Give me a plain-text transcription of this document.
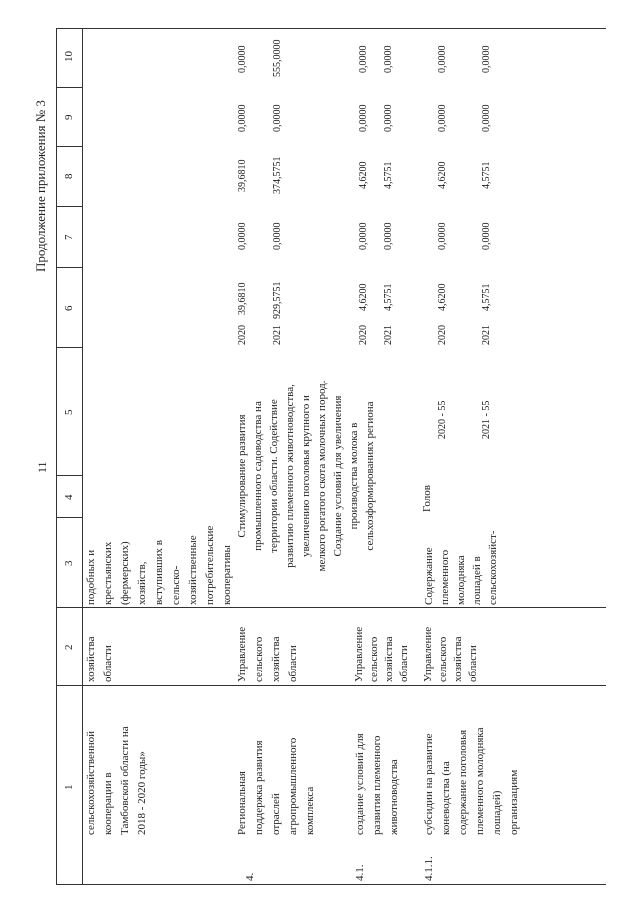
11
Продолжение приложения № 3
1
2
3
4
5
6
7
8
9
10
сельскохозяйственной кооперации в Тамбовской области на 2018 - 2020 годы»
хозяйства области
подобных и крестьянских (фермерских) хозяйств, вступивших в сельско- хозяйственные потребительские кооперативы
4.
Региональная поддержка развития отраслей агропромышленного комплекса
Управление сельского хозяйства области
Стимулирование развития промышленного садоводства на территории области. Содействие развитию племенного животноводства, увеличению поголовья крупного и мелкого рогатого скота молочных пород. Создание условий для увеличения производства молока в сельхозформированиях региона
2020
39,6810
0,0000
39,6810
0,0000
0,0000
2021
929,5751
0,0000
374,5751
0,0000
555,0000
4.1.
создание условий для развития племенного животноводства
Управление сельского хозяйства области
2020
4,6200
0,0000
4,6200
0,0000
0,0000
2021
4,5751
0,0000
4,5751
0,0000
0,0000
4.1.1.
субсидии на развитие коневодства (на содержание поголовья племенного молодняка лошадей) организациям
Управление сельского хозяйства области
Содержание племенного молодняка лошадей в сельскохозяйст-
Голов
2020 - 55
2020
4,6200
0,0000
4,6200
0,0000
0,0000
2021 - 55
2021
4,5751
0,0000
4,5751
0,0000
0,0000
